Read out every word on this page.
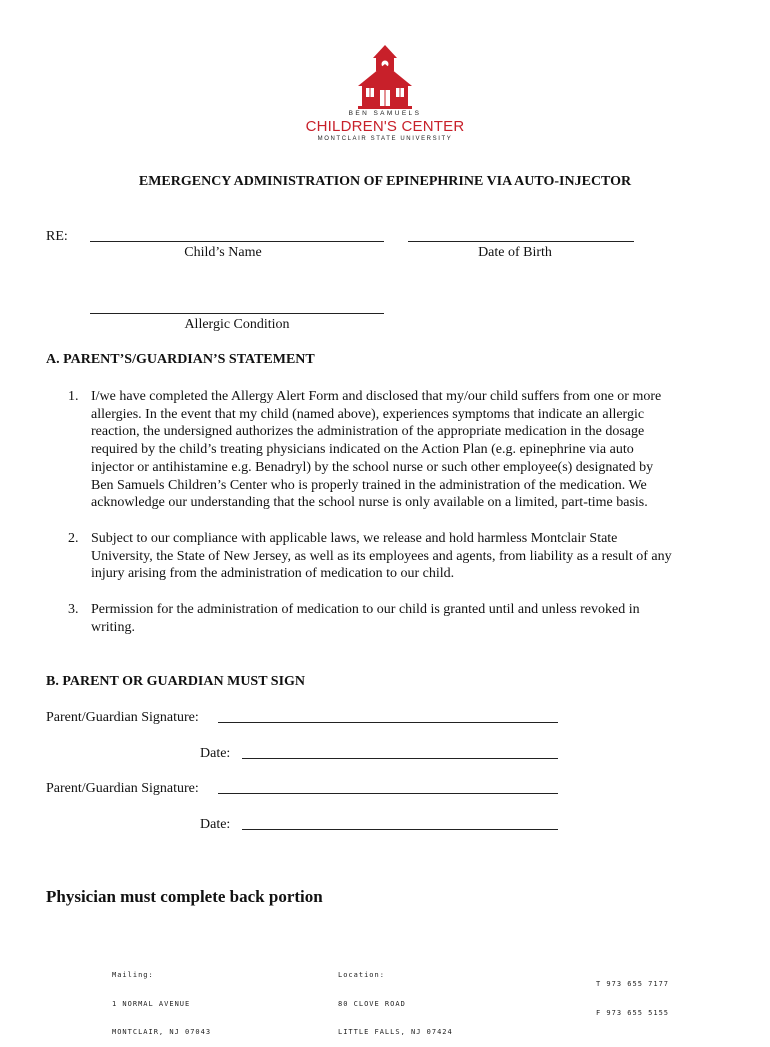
BEN SAMUELS
CHILDREN'S CENTER
MONTCLAIR STATE UNIVERSITY
EMERGENCY ADMINISTRATION OF EPINEPHRINE VIA AUTO-INJECTOR
RE:
Child’s Name	Date of Birth
Allergic Condition
A. PARENT’S/GUARDIAN’S STATEMENT
1. I/we have completed the Allergy Alert Form and disclosed that my/our child suffers from one or more
allergies. In the event that my child (named above), experiences symptoms that indicate an allergic
reaction, the undersigned authorizes the administration of the appropriate medication in the dosage
required by the child’s treating physicians indicated on the Action Plan (e.g. epinephrine via auto
injector or antihistamine e.g. Benadryl) by the school nurse or such other employee(s) designated by
Ben Samuels Children’s Center who is properly trained in the administration of the medication. We
acknowledge our understanding that the school nurse is only available on a limited, part-time basis.
2. Subject to our compliance with applicable laws, we release and hold harmless Montclair State
University, the State of New Jersey, as well as its employees and agents, from liability as a result of any
injury arising from the administration of medication to our child.
3. Permission for the administration of medication to our child is granted until and unless revoked in
writing.
B. PARENT OR GUARDIAN MUST SIGN
Parent/Guardian Signature:
Date:
Parent/Guardian Signature:
Date:
Physician must complete back portion

Mailing:

1 NORMAL AVENUE

MONTCLAIR, NJ 07043

Location:

80 CLOVE ROAD

LITTLE FALLS, NJ 07424

T 973 655 7177

F 973 655 5155
